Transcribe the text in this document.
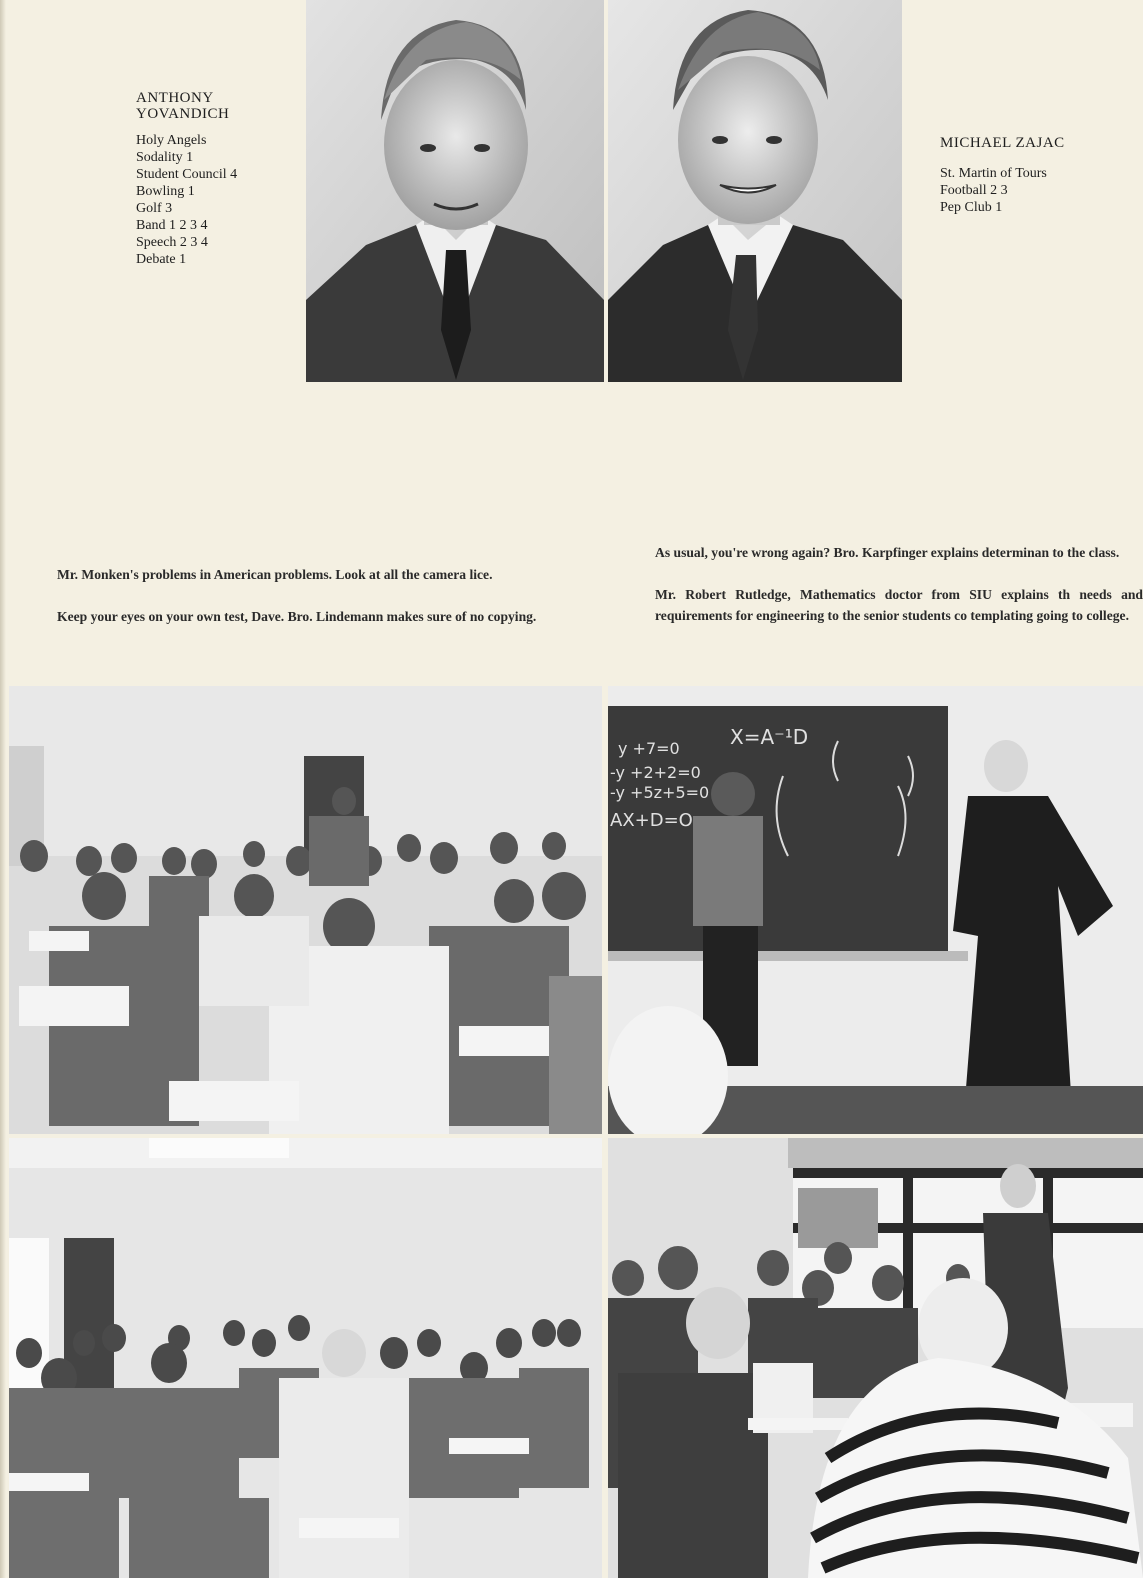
ANTHONY
YOVANDICH
Holy Angels
Sodality 1
Student Council 4
Bowling 1
Golf 3
Band 1 2 3 4
Speech 2 3 4
Debate 1
MICHAEL ZAJAC
St. Martin of Tours
Football 2 3
Pep Club 1

Mr. Monken's problems in American problems. Look at all the camera lice.

Keep your eyes on your own test, Dave. Bro. Lindemann makes sure of no copying.

As usual, you're wrong again? Bro. Karpfinger explains determinan to the class.

Mr. Robert Rutledge, Mathematics doctor from SIU explains th needs and requirements for engineering to the senior students co templating going to college.

y +7=0	X=A⁻¹D
-y +2+2=0
-y +5z+5=0
AX+D=O
